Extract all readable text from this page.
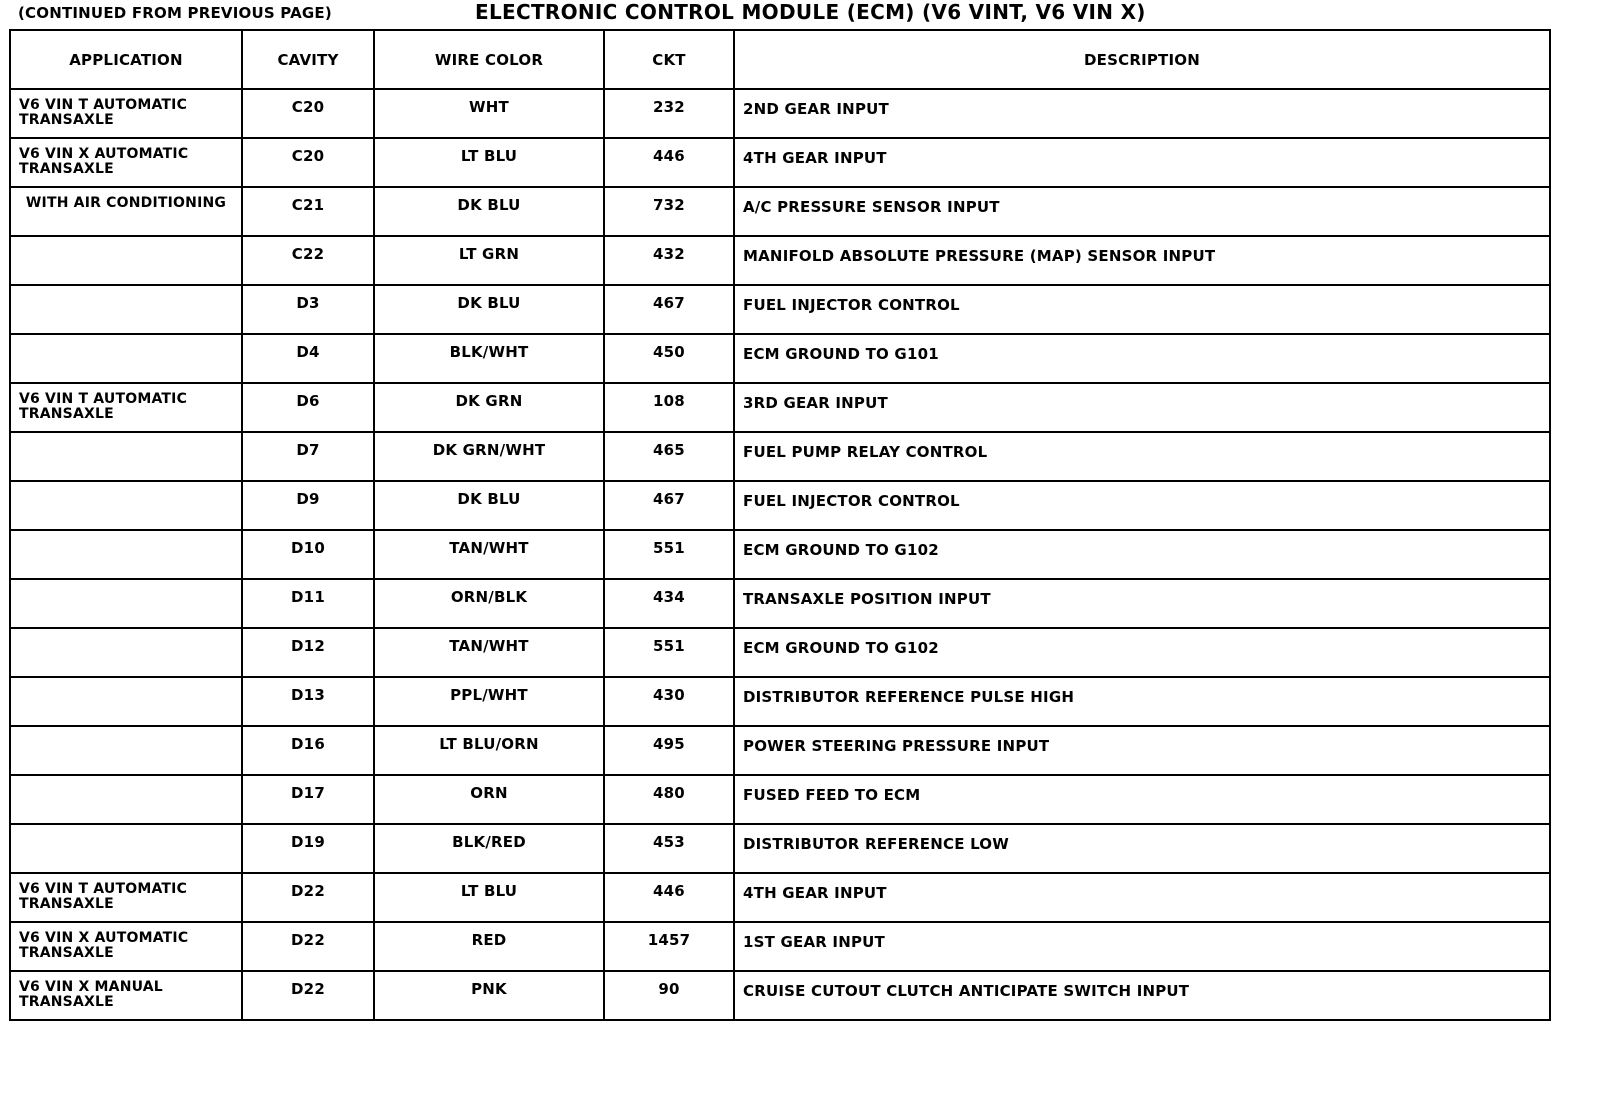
(CONTINUED FROM PREVIOUS PAGE)	ELECTRONIC CONTROL MODULE (ECM) (V6 VINT, V6 VIN X)
APPLICATION	CAVITY	WIRE COLOR	CKT	DESCRIPTION
V6 VIN T AUTOMATIC TRANSAXLE	C20	WHT	232	2ND GEAR INPUT
V6 VIN X AUTOMATIC TRANSAXLE	C20	LT BLU	446	4TH GEAR INPUT
WITH AIR CONDITIONING	C21	DK BLU	732	A/C PRESSURE SENSOR INPUT
	C22	LT GRN	432	MANIFOLD ABSOLUTE PRESSURE (MAP) SENSOR INPUT
	D3	DK BLU	467	FUEL INJECTOR CONTROL
	D4	BLK/WHT	450	ECM GROUND TO G101
V6 VIN T AUTOMATIC TRANSAXLE	D6	DK GRN	108	3RD GEAR INPUT
	D7	DK GRN/WHT	465	FUEL PUMP RELAY CONTROL
	D9	DK BLU	467	FUEL INJECTOR CONTROL
	D10	TAN/WHT	551	ECM GROUND TO G102
	D11	ORN/BLK	434	TRANSAXLE POSITION INPUT
	D12	TAN/WHT	551	ECM GROUND TO G102
	D13	PPL/WHT	430	DISTRIBUTOR REFERENCE PULSE HIGH
	D16	LT BLU/ORN	495	POWER STEERING PRESSURE INPUT
	D17	ORN	480	FUSED FEED TO ECM
	D19	BLK/RED	453	DISTRIBUTOR REFERENCE LOW
V6 VIN T AUTOMATIC TRANSAXLE	D22	LT BLU	446	4TH GEAR INPUT
V6 VIN X AUTOMATIC TRANSAXLE	D22	RED	1457	1ST GEAR INPUT
V6 VIN X MANUAL TRANSAXLE	D22	PNK	90	CRUISE CUTOUT CLUTCH ANTICIPATE SWITCH INPUT
